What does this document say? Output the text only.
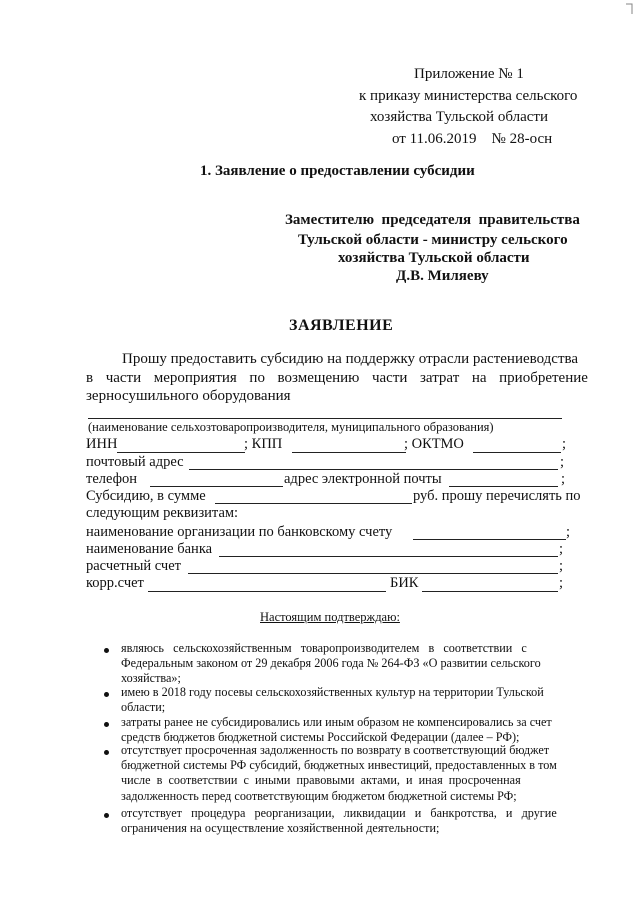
Приложение № 1
к приказу министерства сельского
хозяйства Тульской области
от 11.06.2019    № 28-осн
1. Заявление о предоставлении субсидии
Заместителю  председателя  правительства
Тульской области - министру сельского
хозяйства Тульской области
Д.В. Миляеву
ЗАЯВЛЕНИЕ
Прошу предоставить субсидию на поддержку отрасли растениеводства
в части мероприятия по возмещению части затрат на приобретение
зерносушильного оборудования
(наименование сельхозтоваропроизводителя, муниципального образования)
ИНН	; КПП	; ОКТМО	;
почтовый адрес	;
телефон	адрес электронной почты	;
Субсидию, в сумме	руб. прошу перечислять по
следующим реквизитам:
наименование организации по банковскому счету	;
наименование банка	;
расчетный счет	;
корр.счет	БИК	;
Настоящим подтверждаю:
являюсь   сельскохозяйственным   товаропроизводителем   в   соответствии   с
Федеральным законом от 29 декабря 2006 года № 264-ФЗ «О развитии сельского
хозяйства»;
имею в 2018 году посевы сельскохозяйственных культур на территории Тульской
области;
затраты ранее не субсидировались или иным образом не компенсировались за счет
средств бюджетов бюджетной системы Российской Федерации (далее – РФ);
отсутствует просроченная задолженность по возврату в соответствующий бюджет
бюджетной системы РФ субсидий, бюджетных инвестиций, предоставленных в том
числе  в  соответствии  с  иными  правовыми  актами,  и  иная  просроченная
задолженность перед соответствующим бюджетом бюджетной системы РФ;
отсутствует   процедура   реорганизации,   ликвидации   и   банкротства,   и   другие
ограничения на осуществление хозяйственной деятельности;
